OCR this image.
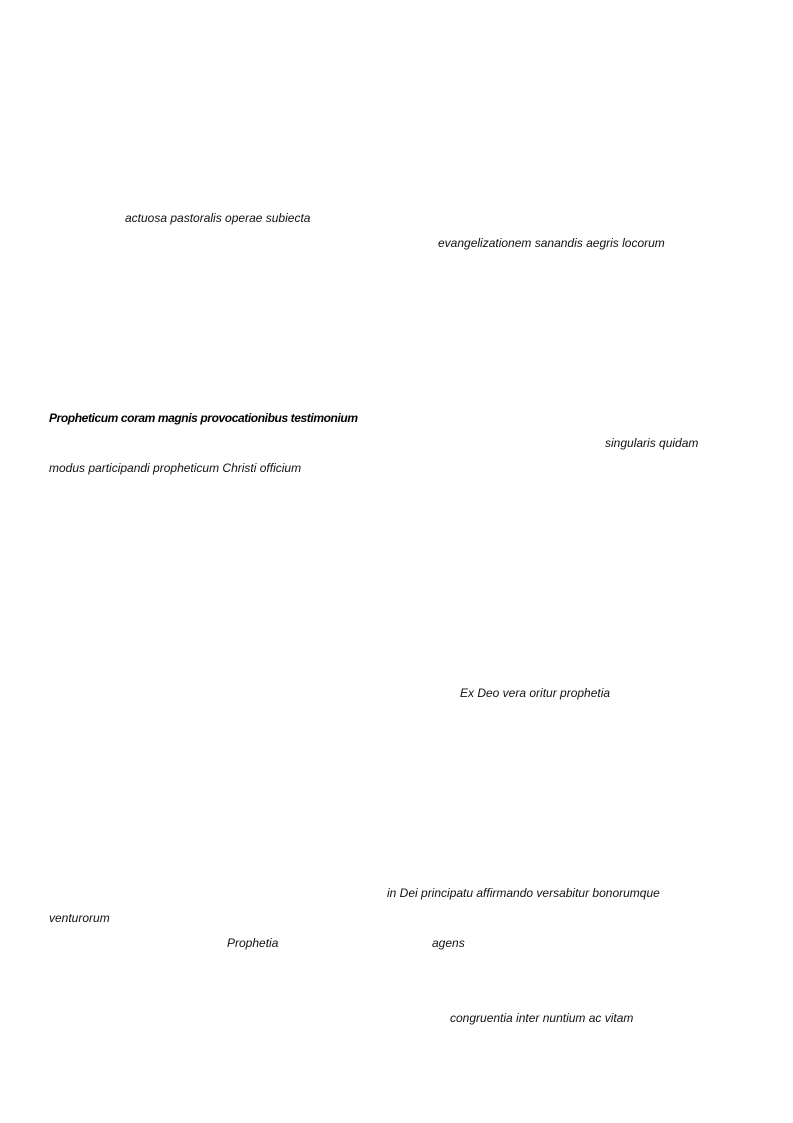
actuosa pastoralis operae subiecta
evangelizationem sanandis aegris locorum
Propheticum coram magnis provocationibus testimonium
singularis quidam
modus participandi propheticum Christi officium
Ex Deo vera oritur prophetia
in Dei principatu affirmando versabitur bonorumque
venturorum
Prophetia	agens
congruentia inter nuntium ac vitam
